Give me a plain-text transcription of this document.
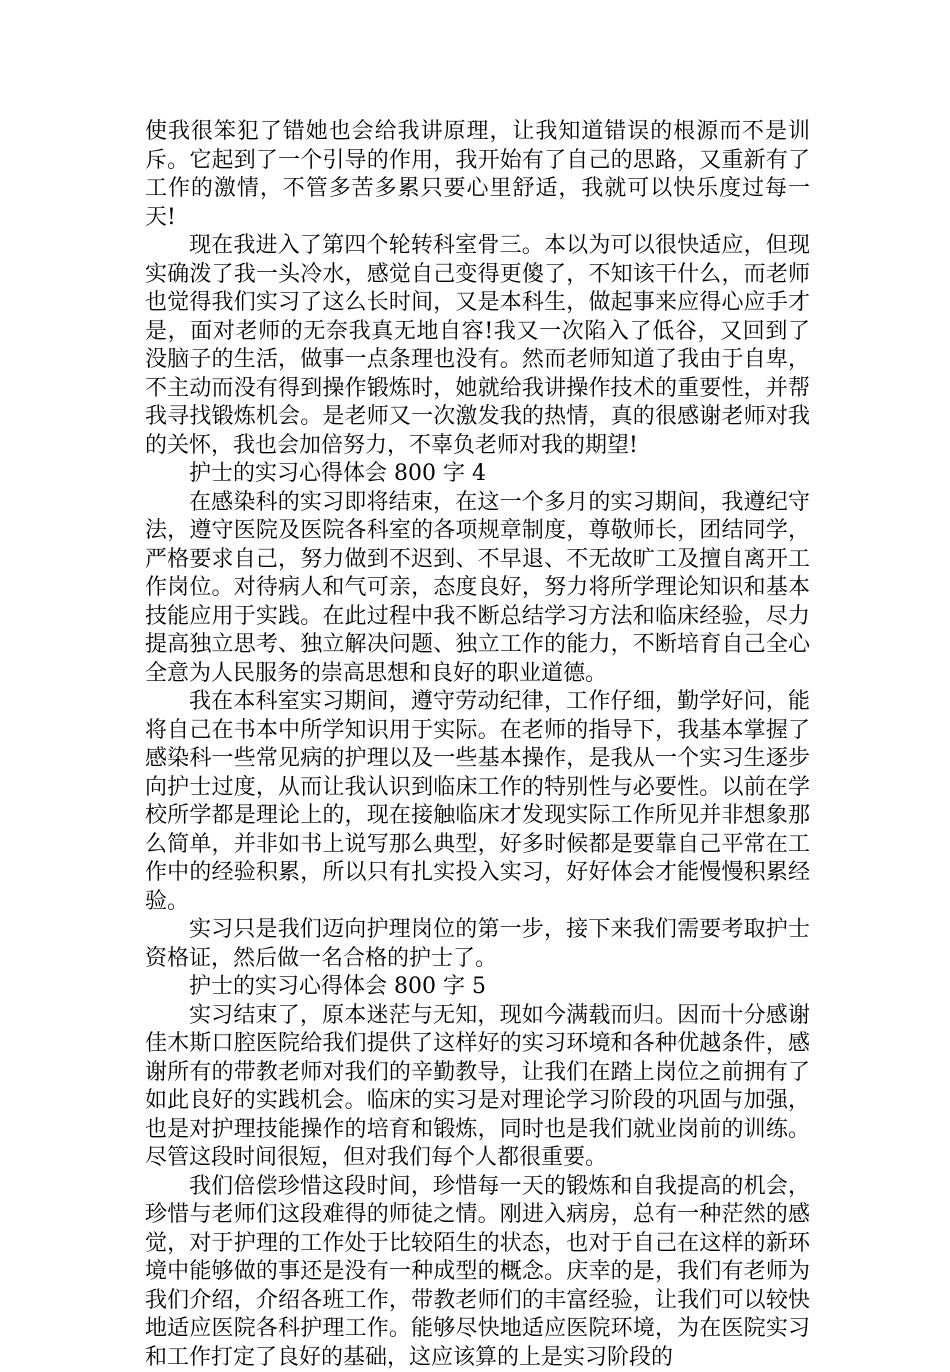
使我很笨犯了错她也会给我讲原理，让我知道错误的根源而不是训斥。它起到了一个引导的作用，我开始有了自己的思路，又重新有了工作的激情，不管多苦多累只要心里舒适，我就可以快乐度过每一天!

现在我进入了第四个轮转科室骨三。本以为可以很快适应，但现实确泼了我一头冷水，感觉自己变得更傻了，不知该干什么，而老师也觉得我们实习了这么长时间，又是本科生，做起事来应得心应手才是，面对老师的无奈我真无地自容!我又一次陷入了低谷，又回到了没脑子的生活，做事一点条理也没有。然而老师知道了我由于自卑，不主动而没有得到操作锻炼时，她就给我讲操作技术的重要性，并帮我寻找锻炼机会。是老师又一次激发我的热情，真的很感谢老师对我的关怀，我也会加倍努力，不辜负老师对我的期望!

护士的实习心得体会 800 字 4

在感染科的实习即将结束，在这一个多月的实习期间，我遵纪守法，遵守医院及医院各科室的各项规章制度，尊敬师长，团结同学，严格要求自己，努力做到不迟到、不早退、不无故旷工及擅自离开工作岗位。对待病人和气可亲，态度良好，努力将所学理论知识和基本技能应用于实践。在此过程中我不断总结学习方法和临床经验，尽力提高独立思考、独立解决问题、独立工作的能力，不断培育自己全心全意为人民服务的崇高思想和良好的职业道德。

我在本科室实习期间，遵守劳动纪律，工作仔细，勤学好问，能将自己在书本中所学知识用于实际。在老师的指导下，我基本掌握了感染科一些常见病的护理以及一些基本操作，是我从一个实习生逐步向护士过度，从而让我认识到临床工作的特别性与必要性。以前在学校所学都是理论上的，现在接触临床才发现实际工作所见并非想象那么简单，并非如书上说写那么典型，好多时候都是要靠自己平常在工作中的经验积累，所以只有扎实投入实习，好好体会才能慢慢积累经验。

实习只是我们迈向护理岗位的第一步，接下来我们需要考取护士资格证，然后做一名合格的护士了。

护士的实习心得体会 800 字 5

实习结束了，原本迷茫与无知，现如今满载而归。因而十分感谢佳木斯口腔医院给我们提供了这样好的实习环境和各种优越条件，感谢所有的带教老师对我们的辛勤教导，让我们在踏上岗位之前拥有了如此良好的实践机会。临床的实习是对理论学习阶段的巩固与加强，也是对护理技能操作的培育和锻炼，同时也是我们就业岗前的训练。尽管这段时间很短，但对我们每个人都很重要。

我们倍偿珍惜这段时间，珍惜每一天的锻炼和自我提高的机会，珍惜与老师们这段难得的师徒之情。刚进入病房，总有一种茫然的感觉，对于护理的工作处于比较陌生的状态，也对于自己在这样的新环境中能够做的事还是没有一种成型的概念。庆幸的是，我们有老师为我们介绍，介绍各班工作，带教老师们的丰富经验，让我们可以较快地适应医院各科护理工作。能够尽快地适应医院环境，为在医院实习和工作打定了良好的基础，这应该算的上是实习阶段的
